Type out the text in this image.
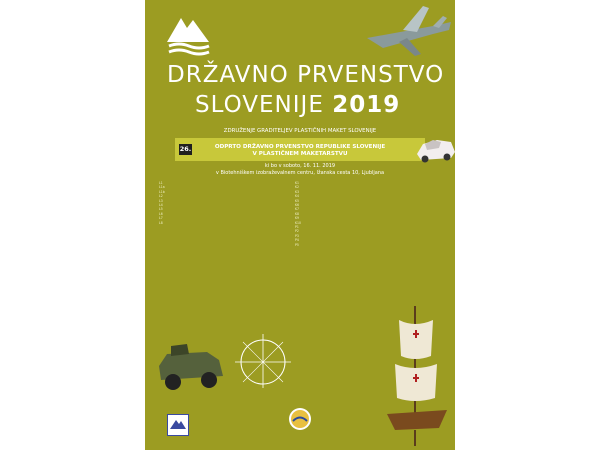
DRŽAVNO PRVENSTVO
SLOVENIJE 2019
ZDRUŽENJE GRADITELJEV PLASTIČNIH MAKET SLOVENIJE
26.	ODPRTO DRŽAVNO PRVENSTVO REPUBLIKE SLOVENIJE
V PLASTIČNEM MAKETARSTVU
ki bo v soboto, 16. 11. 2019
v Biotehniškem izobraževalnem centru, Ižanska cesta 10, Ljubljana
L1
L1a
L1b
L2
L3
L4
L5
L6
L7
L8
K1
K2
K3
K4
K5
K6
K7
K8
K9
K10
P1
P2
P3
P4
P5
